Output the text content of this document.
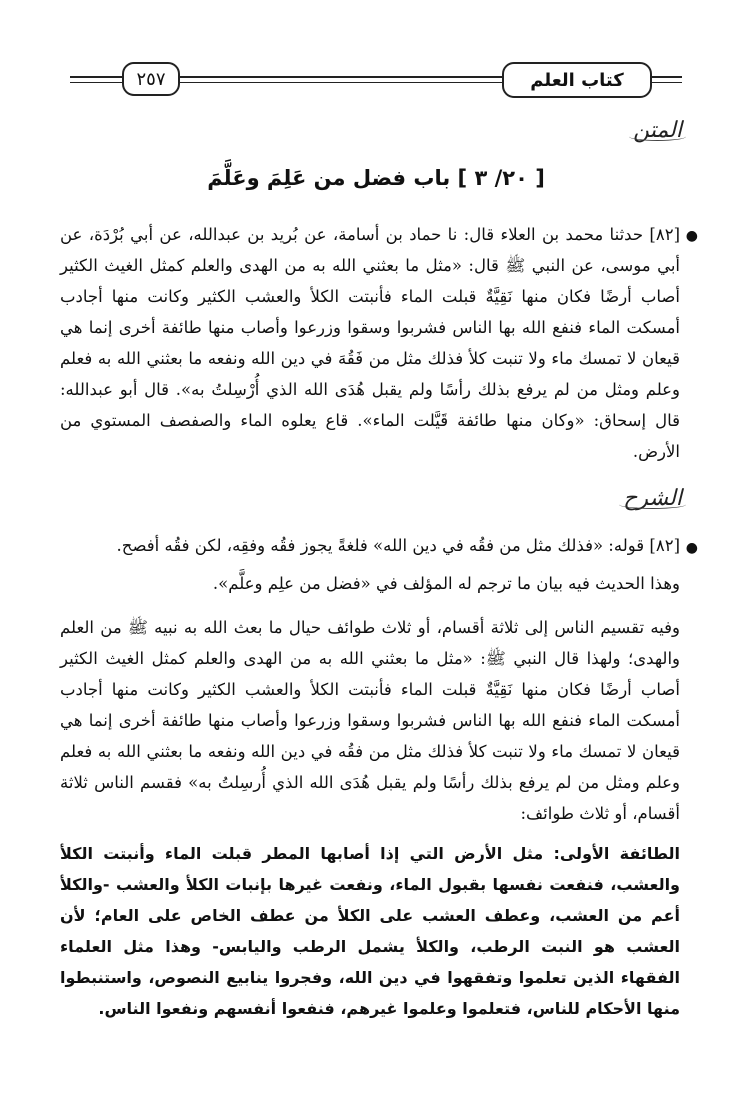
كتاب العلم
٢٥٧
المتن
[ ٢٠/ ٣ ] باب فضل من عَلِمَ وعَلَّمَ
●
[٨٢] حدثنا محمد بن العلاء قال: نا حماد بن أسامة، عن بُريد بن عبدالله، عن أبي بُرْدَة، عن أبي موسى، عن النبي ﷺ قال: «مثل ما بعثني الله به من الهدى والعلم كمثل الغيث الكثير أصاب أرضًا فكان منها نَقِيَّةٌ قبلت الماء فأنبتت الكلأ والعشب الكثير وكانت منها أجادب أمسكت الماء فنفع الله بها الناس فشربوا وسقوا وزرعوا وأصاب منها طائفة أخرى إنما هي قيعان لا تمسك ماء ولا تنبت كلأ فذلك مثل من فَقُهَ في دين الله ونفعه ما بعثني الله به فعلم وعلم ومثل من لم يرفع بذلك رأسًا ولم يقبل هُدَى الله الذي أُرْسِلتُ به». قال أبو عبدالله: قال إسحاق: «وكان منها طائفة قَيَّلت الماء». قاع يعلوه الماء والصفصف المستوي من الأرض.
الشرح
●
[٨٢] قوله: «فذلك مثل من فقُه في دين الله» فلغةً يجوز فقُه وفقِه، لكن فقُه أفصح.
وهذا الحديث فيه بيان ما ترجم له المؤلف في «فضل من علِم وعلَّم».
وفيه تقسيم الناس إلى ثلاثة أقسام، أو ثلاث طوائف حيال ما بعث الله به نبيه ﷺ من العلم والهدى؛ ولهذا قال النبي ﷺ: «مثل ما بعثني الله به من الهدى والعلم كمثل الغيث الكثير أصاب أرضًا فكان منها نَقِيَّةٌ قبلت الماء فأنبتت الكلأ والعشب الكثير وكانت منها أجادب أمسكت الماء فنفع الله بها الناس فشربوا وسقوا وزرعوا وأصاب منها طائفة أخرى إنما هي قيعان لا تمسك ماء ولا تنبت كلأ فذلك مثل من فقُه في دين الله ونفعه ما بعثني الله به فعلم وعلم ومثل من لم يرفع بذلك رأسًا ولم يقبل هُدَى الله الذي أُرسِلتُ به» فقسم الناس ثلاثة أقسام، أو ثلاث طوائف:
الطائفة الأولى: مثل الأرض التي إذا أصابها المطر قبلت الماء وأنبتت الكلأ والعشب، فنفعت نفسها بقبول الماء، ونفعت غيرها بإنبات الكلأ والعشب -والكلأ أعم من العشب، وعطف العشب على الكلأ من عطف الخاص على العام؛ لأن العشب هو النبت الرطب، والكلأ يشمل الرطب واليابس- وهذا مثل العلماء الفقهاء الذين تعلموا وتفقهوا في دين الله، وفجروا ينابيع النصوص، واستنبطوا منها الأحكام للناس، فتعلموا وعلموا غيرهم، فنفعوا أنفسهم ونفعوا الناس.
